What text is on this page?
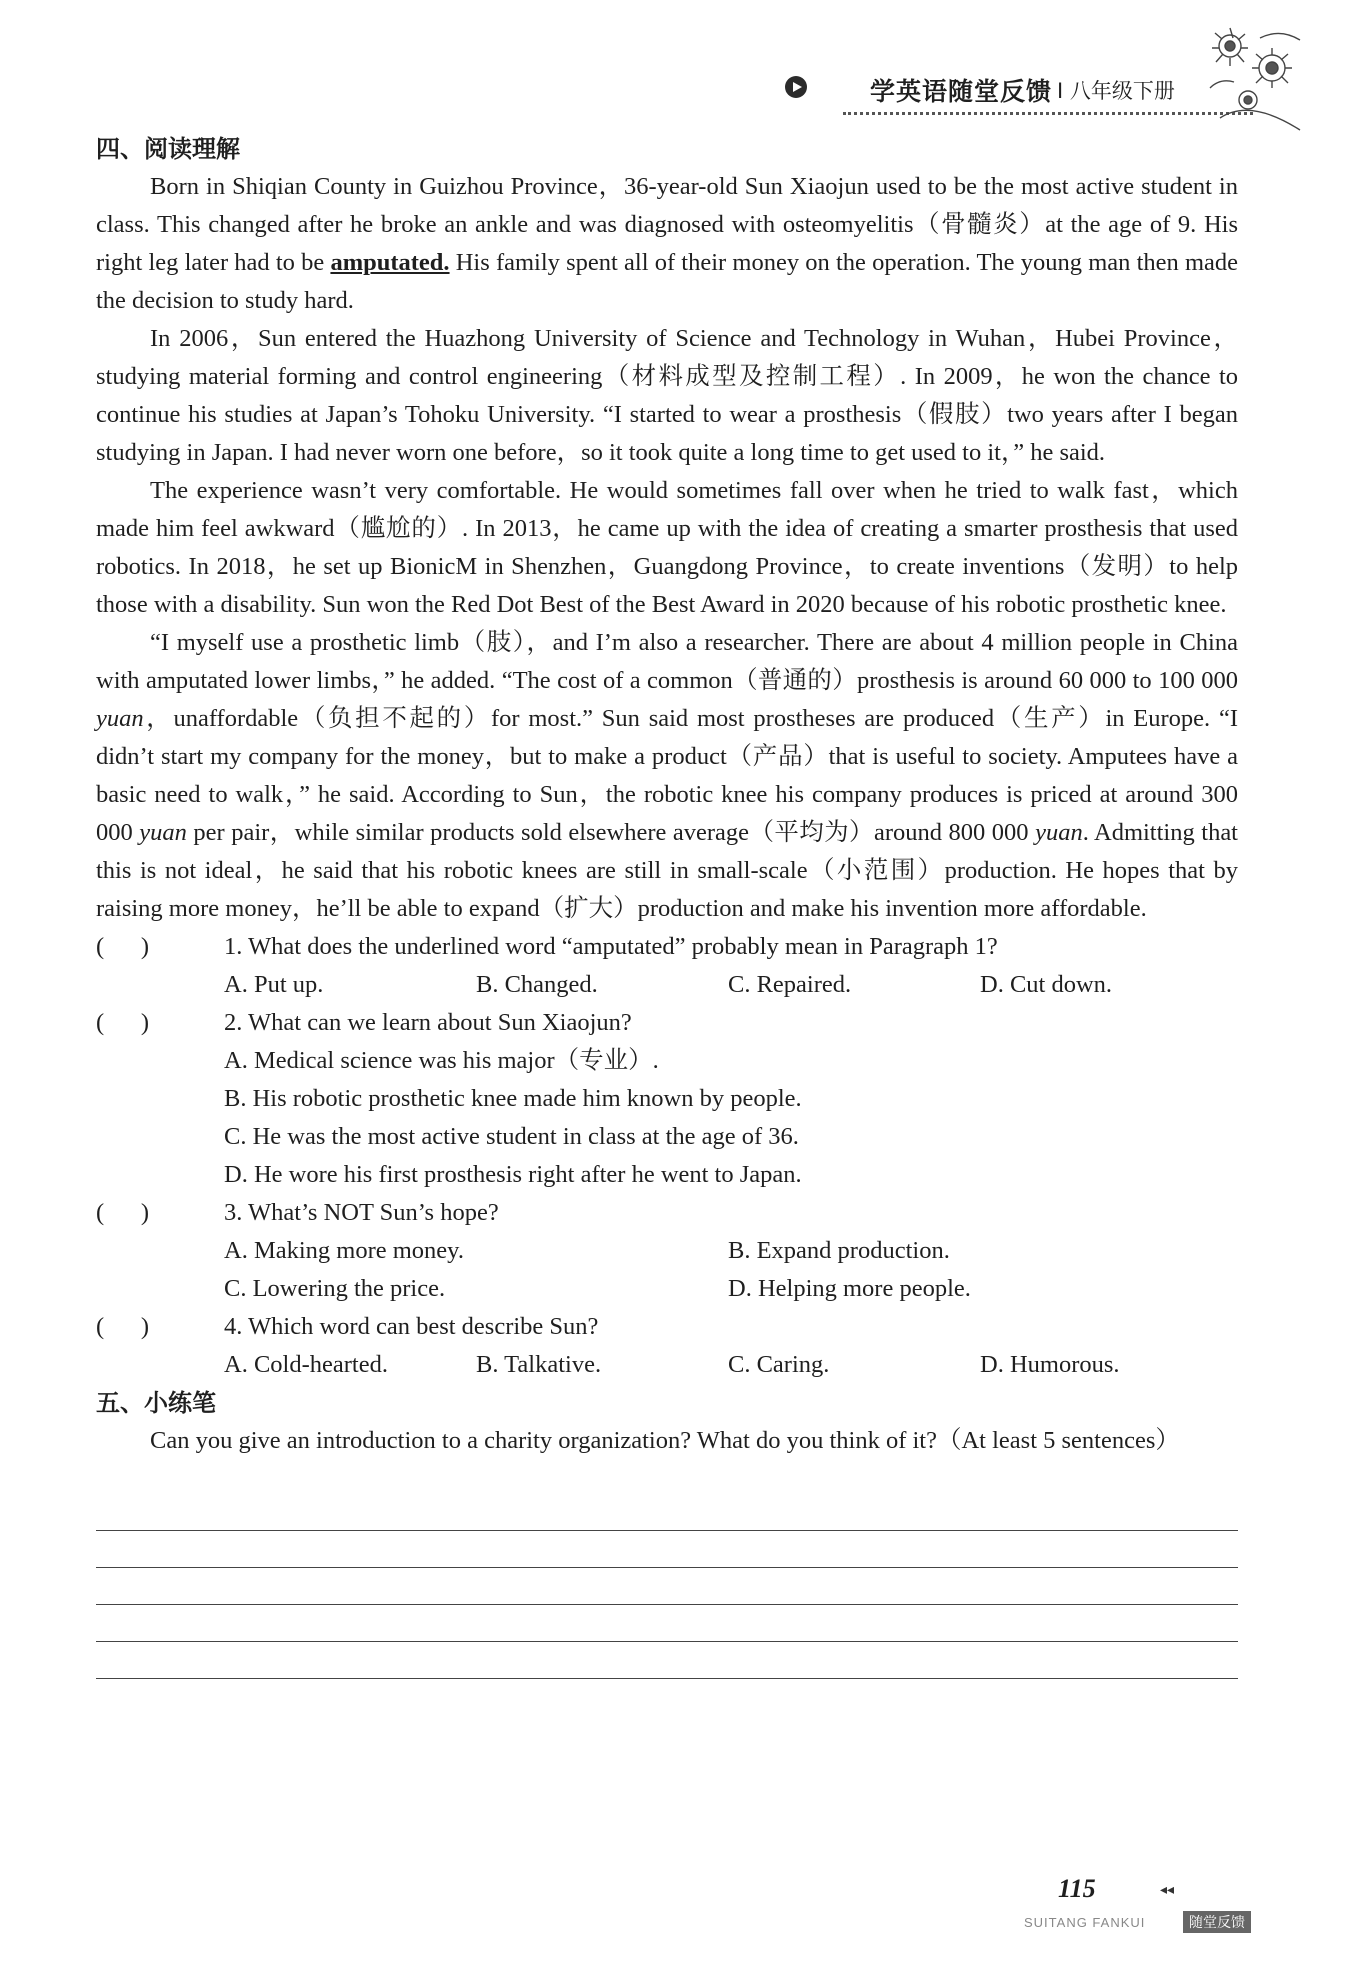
学英语随堂反馈 I 八年级下册

四、阅读理解

Born in Shiqian County in Guizhou Province，36-year-old Sun Xiaojun used to be the most active student in class. This changed after he broke an ankle and was diagnosed with osteomyelitis（骨髓炎）at the age of 9. His right leg later had to be amputated. His family spent all of their money on the operation. The young man then made the decision to study hard.

In 2006，Sun entered the Huazhong University of Science and Technology in Wuhan，Hubei Province，studying material forming and control engineering（材料成型及控制工程）. In 2009，he won the chance to continue his studies at Japan’s Tohoku University. “I started to wear a prosthesis（假肢）two years after I began studying in Japan. I had never worn one before，so it took quite a long time to get used to it，” he said.

The experience wasn’t very comfortable. He would sometimes fall over when he tried to walk fast，which made him feel awkward（尴尬的）. In 2013，he came up with the idea of creating a smarter prosthesis that used robotics. In 2018，he set up BionicM in Shenzhen，Guangdong Province，to create inventions（发明）to help those with a disability. Sun won the Red Dot Best of the Best Award in 2020 because of his robotic prosthetic knee.

“I myself use a prosthetic limb（肢），and I’m also a researcher. There are about 4 million people in China with amputated lower limbs，” he added. “The cost of a common（普通的）prosthesis is around 60 000 to 100 000 yuan，unaffordable（负担不起的）for most.” Sun said most prostheses are produced（生产）in Europe. “I didn’t start my company for the money，but to make a product（产品）that is useful to society. Amputees have a basic need to walk，” he said. According to Sun，the robotic knee his company produces is priced at around 300 000 yuan per pair，while similar products sold elsewhere average（平均为）around 800 000 yuan. Admitting that this is not ideal，he said that his robotic knees are still in small-scale（小范围）production. He hopes that by raising more money，he’ll be able to expand（扩大）production and make his invention more affordable.

(      )	1. What does the underlined word “amputated” probably mean in Paragraph 1?

A. Put up.	B. Changed.	C. Repaired.	D. Cut down.

(      )	2. What can we learn about Sun Xiaojun?

A. Medical science was his major（专业）.
B. His robotic prosthetic knee made him known by people.
C. He was the most active student in class at the age of 36.
D. He wore his first prosthesis right after he went to Japan.

(      )	3. What’s NOT Sun’s hope?

A. Making more money.	B. Expand production.
C. Lowering the price.	D. Helping more people.

(      )	4. Which word can best describe Sun?

A. Cold-hearted.	B. Talkative.	C. Caring.	D. Humorous.

五、小练笔

Can you give an introduction to a charity organization? What do you think of it?（At least 5 sentences）

115	◂◂
SUITANG FANKUI	随堂反馈
